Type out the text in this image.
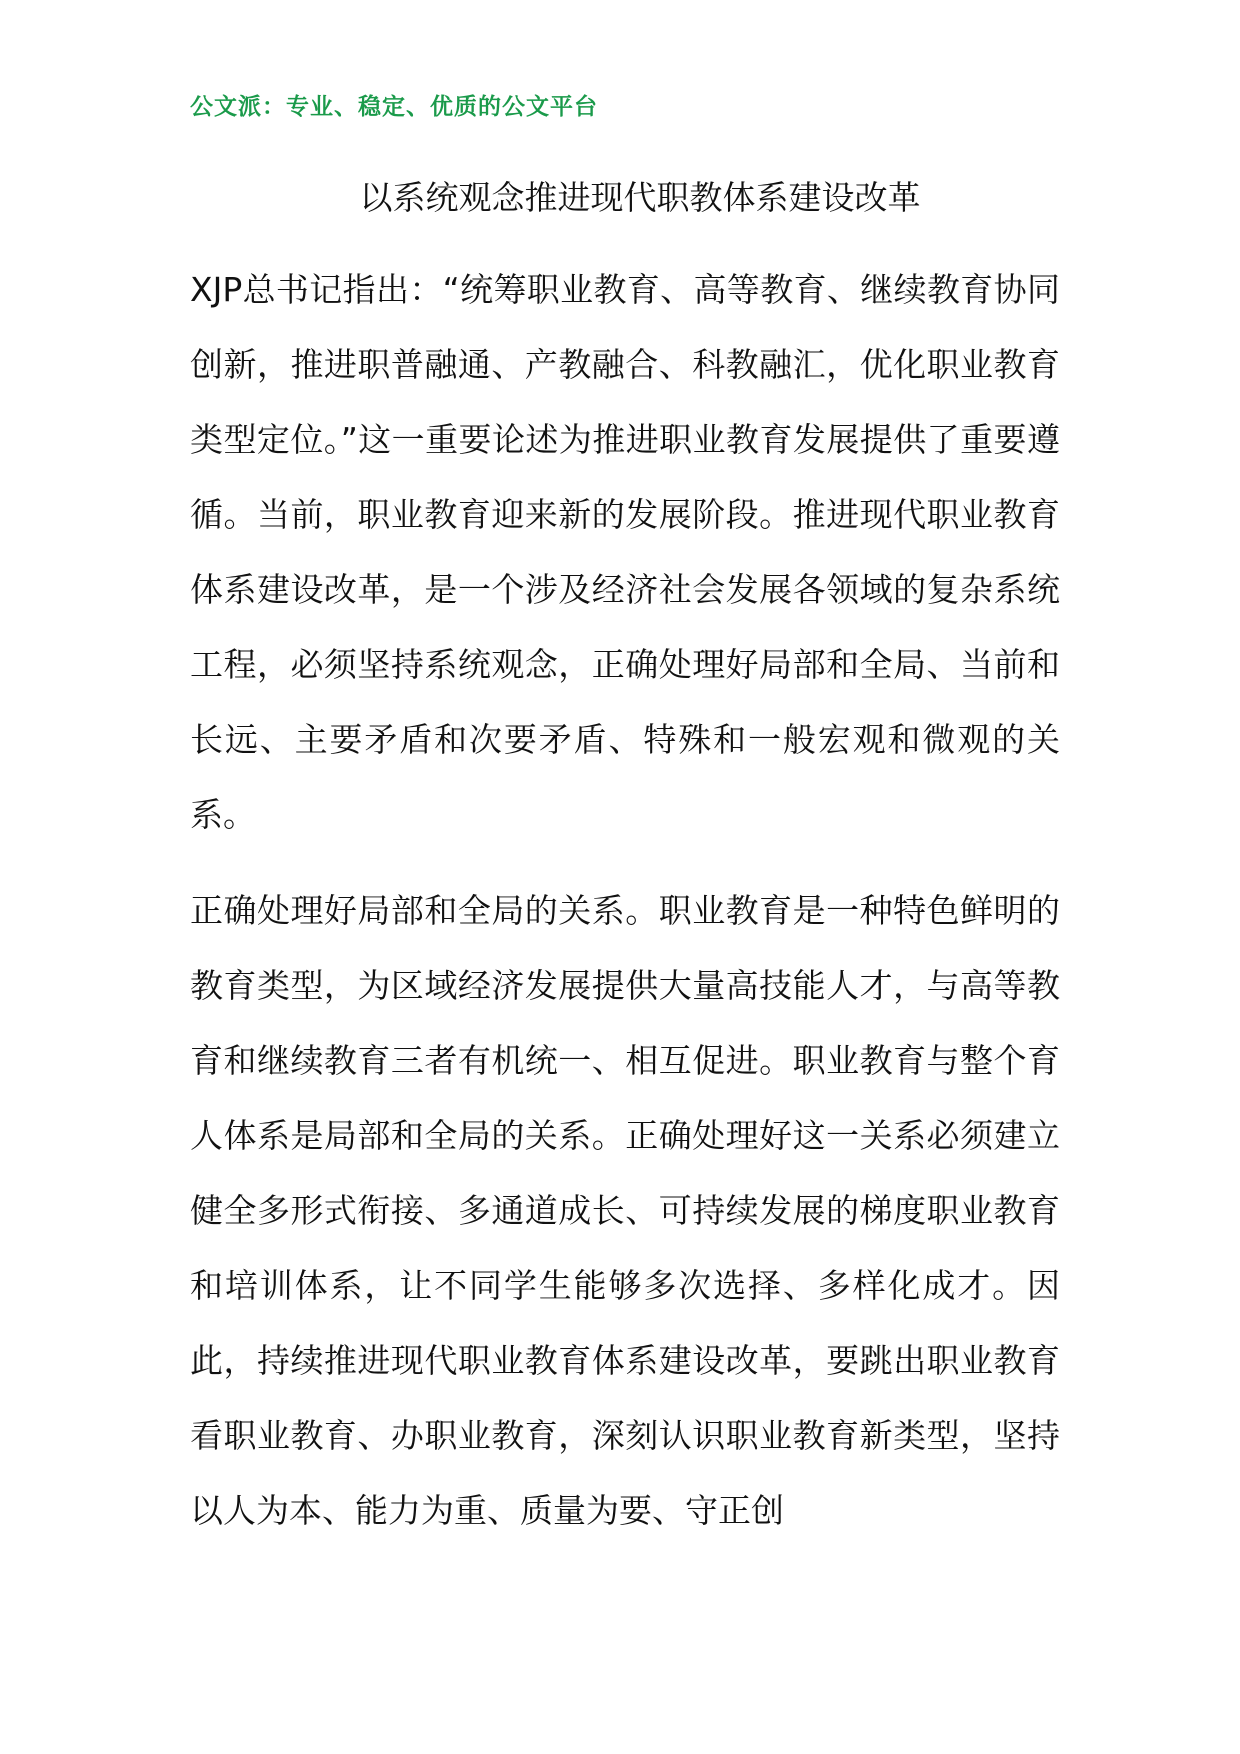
公文派：专业、稳定、优质的公文平台
以系统观念推进现代职教体系建设改革

XJP总书记指出：“统筹职业教育、高等教育、继续教育协同创新，推进职普融通、产教融合、科教融汇，优化职业教育类型定位。”这一重要论述为推进职业教育发展提供了重要遵循。当前，职业教育迎来新的发展阶段。推进现代职业教育体系建设改革，是一个涉及经济社会发展各领域的复杂系统工程，必须坚持系统观念，正确处理好局部和全局、当前和长远、主要矛盾和次要矛盾、特殊和一般宏观和微观的关系。

正确处理好局部和全局的关系。职业教育是一种特色鲜明的教育类型，为区域经济发展提供大量高技能人才，与高等教育和继续教育三者有机统一、相互促进。职业教育与整个育人体系是局部和全局的关系。正确处理好这一关系必须建立健全多形式衔接、多通道成长、可持续发展的梯度职业教育和培训体系，让不同学生能够多次选择、多样化成才。因此，持续推进现代职业教育体系建设改革，要跳出职业教育看职业教育、办职业教育，深刻认识职业教育新类型，坚持以人为本、能力为重、质量为要、守正创
